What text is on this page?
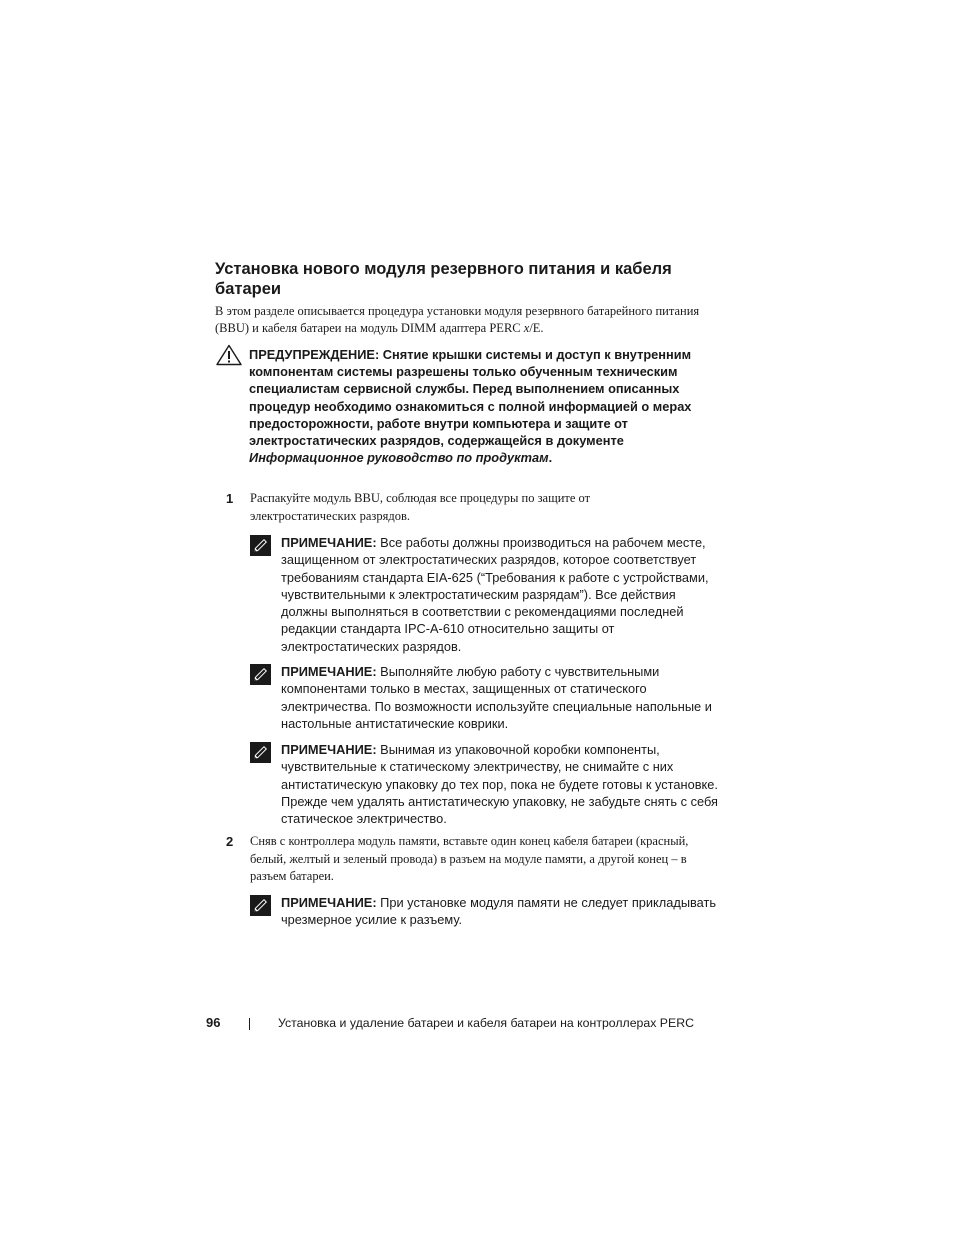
Установка нового модуля резервного питания и кабеля батареи
В этом разделе описывается процедура установки модуля резервного батарейного питания (BBU) и кабеля батареи на модуль DIMM адаптера PERC x/E.
ПРЕДУПРЕЖДЕНИЕ: Снятие крышки системы и доступ к внутренним компонентам системы разрешены только обученным техническим специалистам сервисной службы. Перед выполнением описанных процедур необходимо ознакомиться с полной информацией о мерах предосторожности, работе внутри компьютера и защите от электростатических разрядов, содержащейся в документе Информационное руководство по продуктам.
1 Распакуйте модуль BBU, соблюдая все процедуры по защите от электростатических разрядов.
ПРИМЕЧАНИЕ: Все работы должны производиться на рабочем месте, защищенном от электростатических разрядов, которое соответствует требованиям стандарта EIA-625 (“Требования к работе с устройствами, чувствительными к электростатическим разрядам”). Все действия должны выполняться в соответствии с рекомендациями последней редакции стандарта IPC-A-610 относительно защиты от электростатических разрядов.
ПРИМЕЧАНИЕ: Выполняйте любую работу с чувствительными компонентами только в местах, защищенных от статического электричества. По возможности используйте специальные напольные и настольные антистатические коврики.
ПРИМЕЧАНИЕ: Вынимая из упаковочной коробки компоненты, чувствительные к статическому электричеству, не снимайте с них антистатическую упаковку до тех пор, пока не будете готовы к установке. Прежде чем удалять антистатическую упаковку, не забудьте снять с себя статическое электричество.
2 Сняв с контроллера модуль памяти, вставьте один конец кабеля батареи (красный, белый, желтый и зеленый провода) в разъем на модуле памяти, а другой конец – в разъем батареи.
ПРИМЕЧАНИЕ: При установке модуля памяти не следует прикладывать чрезмерное усилие к разъему.
96	Установка и удаление батареи и кабеля батареи на контроллерах PERC
